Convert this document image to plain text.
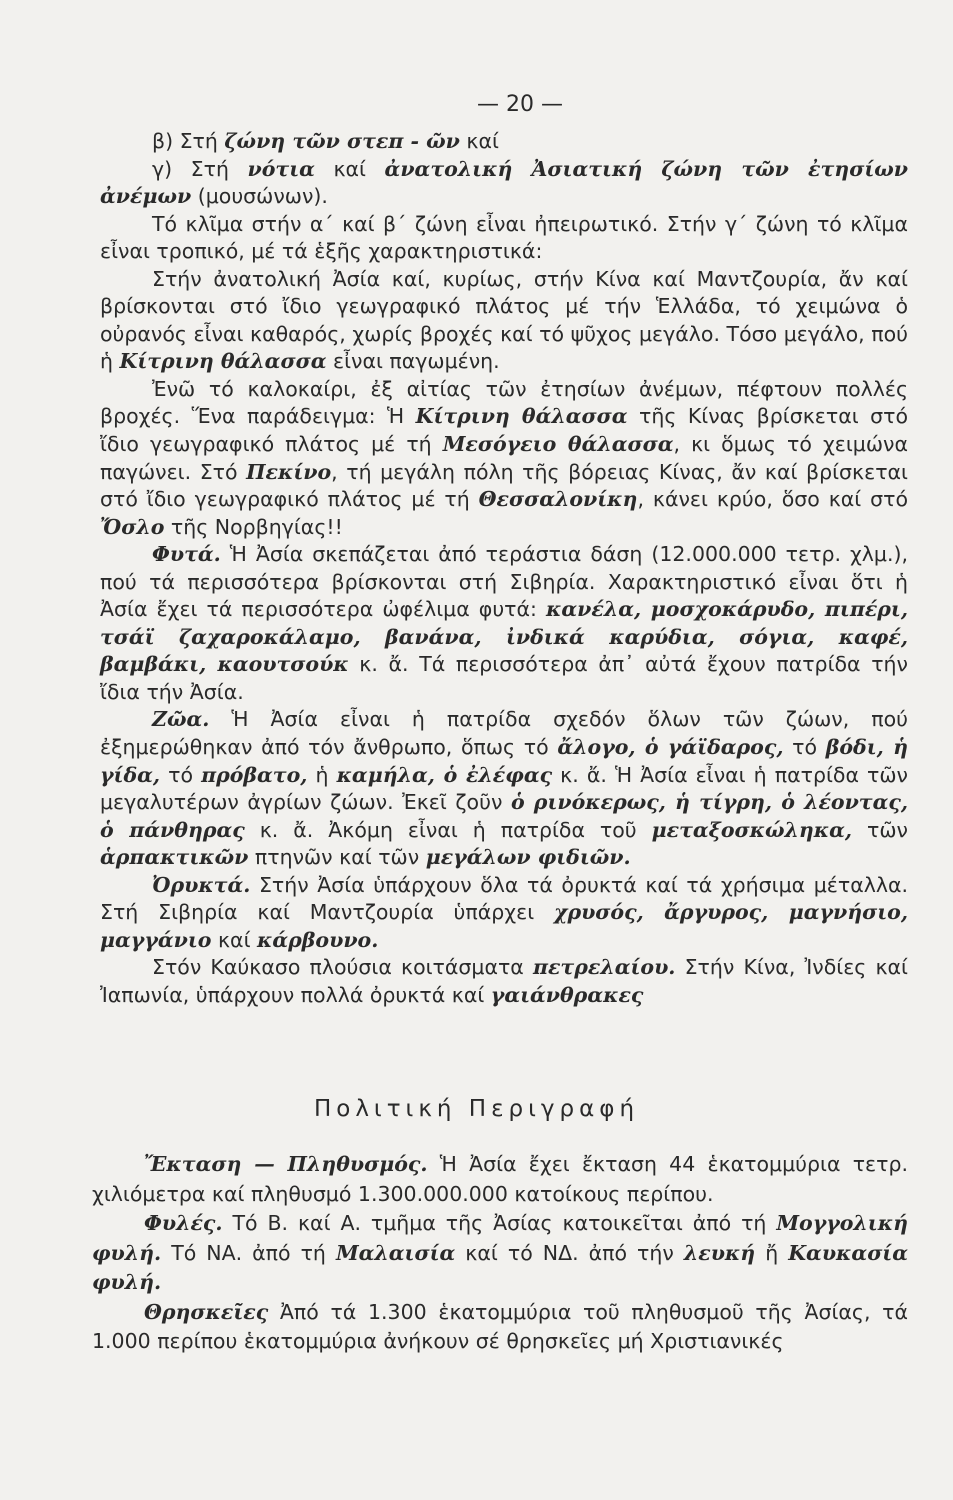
— 20 —

β) Στή ζώνη τῶν στεπ - ῶν καί

γ) Στή νότια καί ἀνατολική Ἀσιατική ζώνη τῶν ἐτησίων ἀνέμων (μουσώνων).

Τό κλῖμα στήν α΄ καί β΄ ζώνη εἶναι ἠπειρωτικό. Στήν γ΄ ζώνη τό κλῖμα εἶναι τροπικό, μέ τά ἑξῆς χαρακτηριστικά:

Στήν ἀνατολική Ἀσία καί, κυρίως, στήν Κίνα καί Μαντζουρία, ἄν καί βρίσκονται στό ἴδιο γεωγραφικό πλάτος μέ τήν Ἑλλάδα, τό χειμώνα ὁ οὐρανός εἶναι καθαρός, χωρίς βροχές καί τό ψῦχος μεγάλο. Τόσο μεγάλο, πού ἡ Κίτρινη θάλασσα εἶναι παγωμένη.

Ἐνῶ τό καλοκαίρι, ἐξ αἰτίας τῶν ἐτησίων ἀνέμων, πέφτουν πολλές βροχές. Ἕνα παράδειγμα: Ἡ Κίτρινη θάλασσα τῆς Κίνας βρίσκεται στό ἴδιο γεωγραφικό πλάτος μέ τή Μεσόγειο θάλασσα, κι ὅμως τό χειμώνα παγώνει. Στό Πεκίνο, τή μεγάλη πόλη τῆς βόρειας Κίνας, ἄν καί βρίσκεται στό ἴδιο γεωγραφικό πλάτος μέ τή Θεσσαλονίκη, κάνει κρύο, ὅσο καί στό Ὄσλο τῆς Νορβηγίας!!

Φυτά. Ἡ Ἀσία σκεπάζεται ἀπό τεράστια δάση (12.000.000 τετρ. χλμ.), πού τά περισσότερα βρίσκονται στή Σιβηρία. Χαρακτηριστικό εἶναι ὅτι ἡ Ἀσία ἔχει τά περισσότερα ὠφέλιμα φυτά: κανέλα, μοσχοκάρυδο, πιπέρι, τσάϊ ζαχαροκάλαμο, βανάνα, ἰνδικά καρύδια, σόγια, καφέ, βαμβάκι, καουτσούκ κ. ἄ. Τά περισσότερα ἀπ᾿ αὐτά ἔχουν πατρίδα τήν ἴδια τήν Ἀσία.

Ζῶα. Ἡ Ἀσία εἶναι ἡ πατρίδα σχεδόν ὅλων τῶν ζώων, πού ἐξημερώθηκαν ἀπό τόν ἄνθρωπο, ὅπως τό ἄλογο, ὁ γάϊδαρος, τό βόδι, ἡ γίδα, τό πρόβατο, ἡ καμήλα, ὁ ἐλέφας κ. ἄ. Ἡ Ἀσία εἶναι ἡ πατρίδα τῶν μεγαλυτέρων ἀγρίων ζώων. Ἐκεῖ ζοῦν ὁ ρινόκερως, ἡ τίγρη, ὁ λέοντας, ὁ πάνθηρας κ. ἄ. Ἀκόμη εἶναι ἡ πατρίδα τοῦ μεταξοσκώληκα, τῶν ἁρπακτικῶν πτηνῶν καί τῶν μεγάλων φιδιῶν.

Ὀρυκτά. Στήν Ἀσία ὑπάρχουν ὅλα τά ὀρυκτά καί τά χρήσιμα μέταλλα. Στή Σιβηρία καί Μαντζουρία ὑπάρχει χρυσός, ἄργυρος, μαγνήσιο, μαγγάνιο καί κάρβουνο.

Στόν Καύκασο πλούσια κοιτάσματα πετρελαίου. Στήν Κίνα, Ἰνδίες καί Ἰαπωνία, ὑπάρχουν πολλά ὀρυκτά καί γαιάνθρακες

Πολιτική Περιγραφή

Ἔκταση — Πληθυσμός. Ἡ Ἀσία ἔχει ἔκταση 44 ἑκατομμύρια τετρ. χιλιόμετρα καί πληθυσμό 1.300.000.000 κατοίκους περίπου.

Φυλές. Τό Β. καί Α. τμῆμα τῆς Ἀσίας κατοικεῖται ἀπό τή Μογγολική φυλή. Τό ΝΑ. ἀπό τή Μαλαισία καί τό ΝΔ. ἀπό τήν λευκή ἤ Καυκασία φυλή.

Θρησκεῖες Ἀπό τά 1.300 ἑκατομμύρια τοῦ πληθυσμοῦ τῆς Ἀσίας, τά 1.000 περίπου ἑκατομμύρια ἀνήκουν σέ θρησκεῖες μή Χριστιανικές
